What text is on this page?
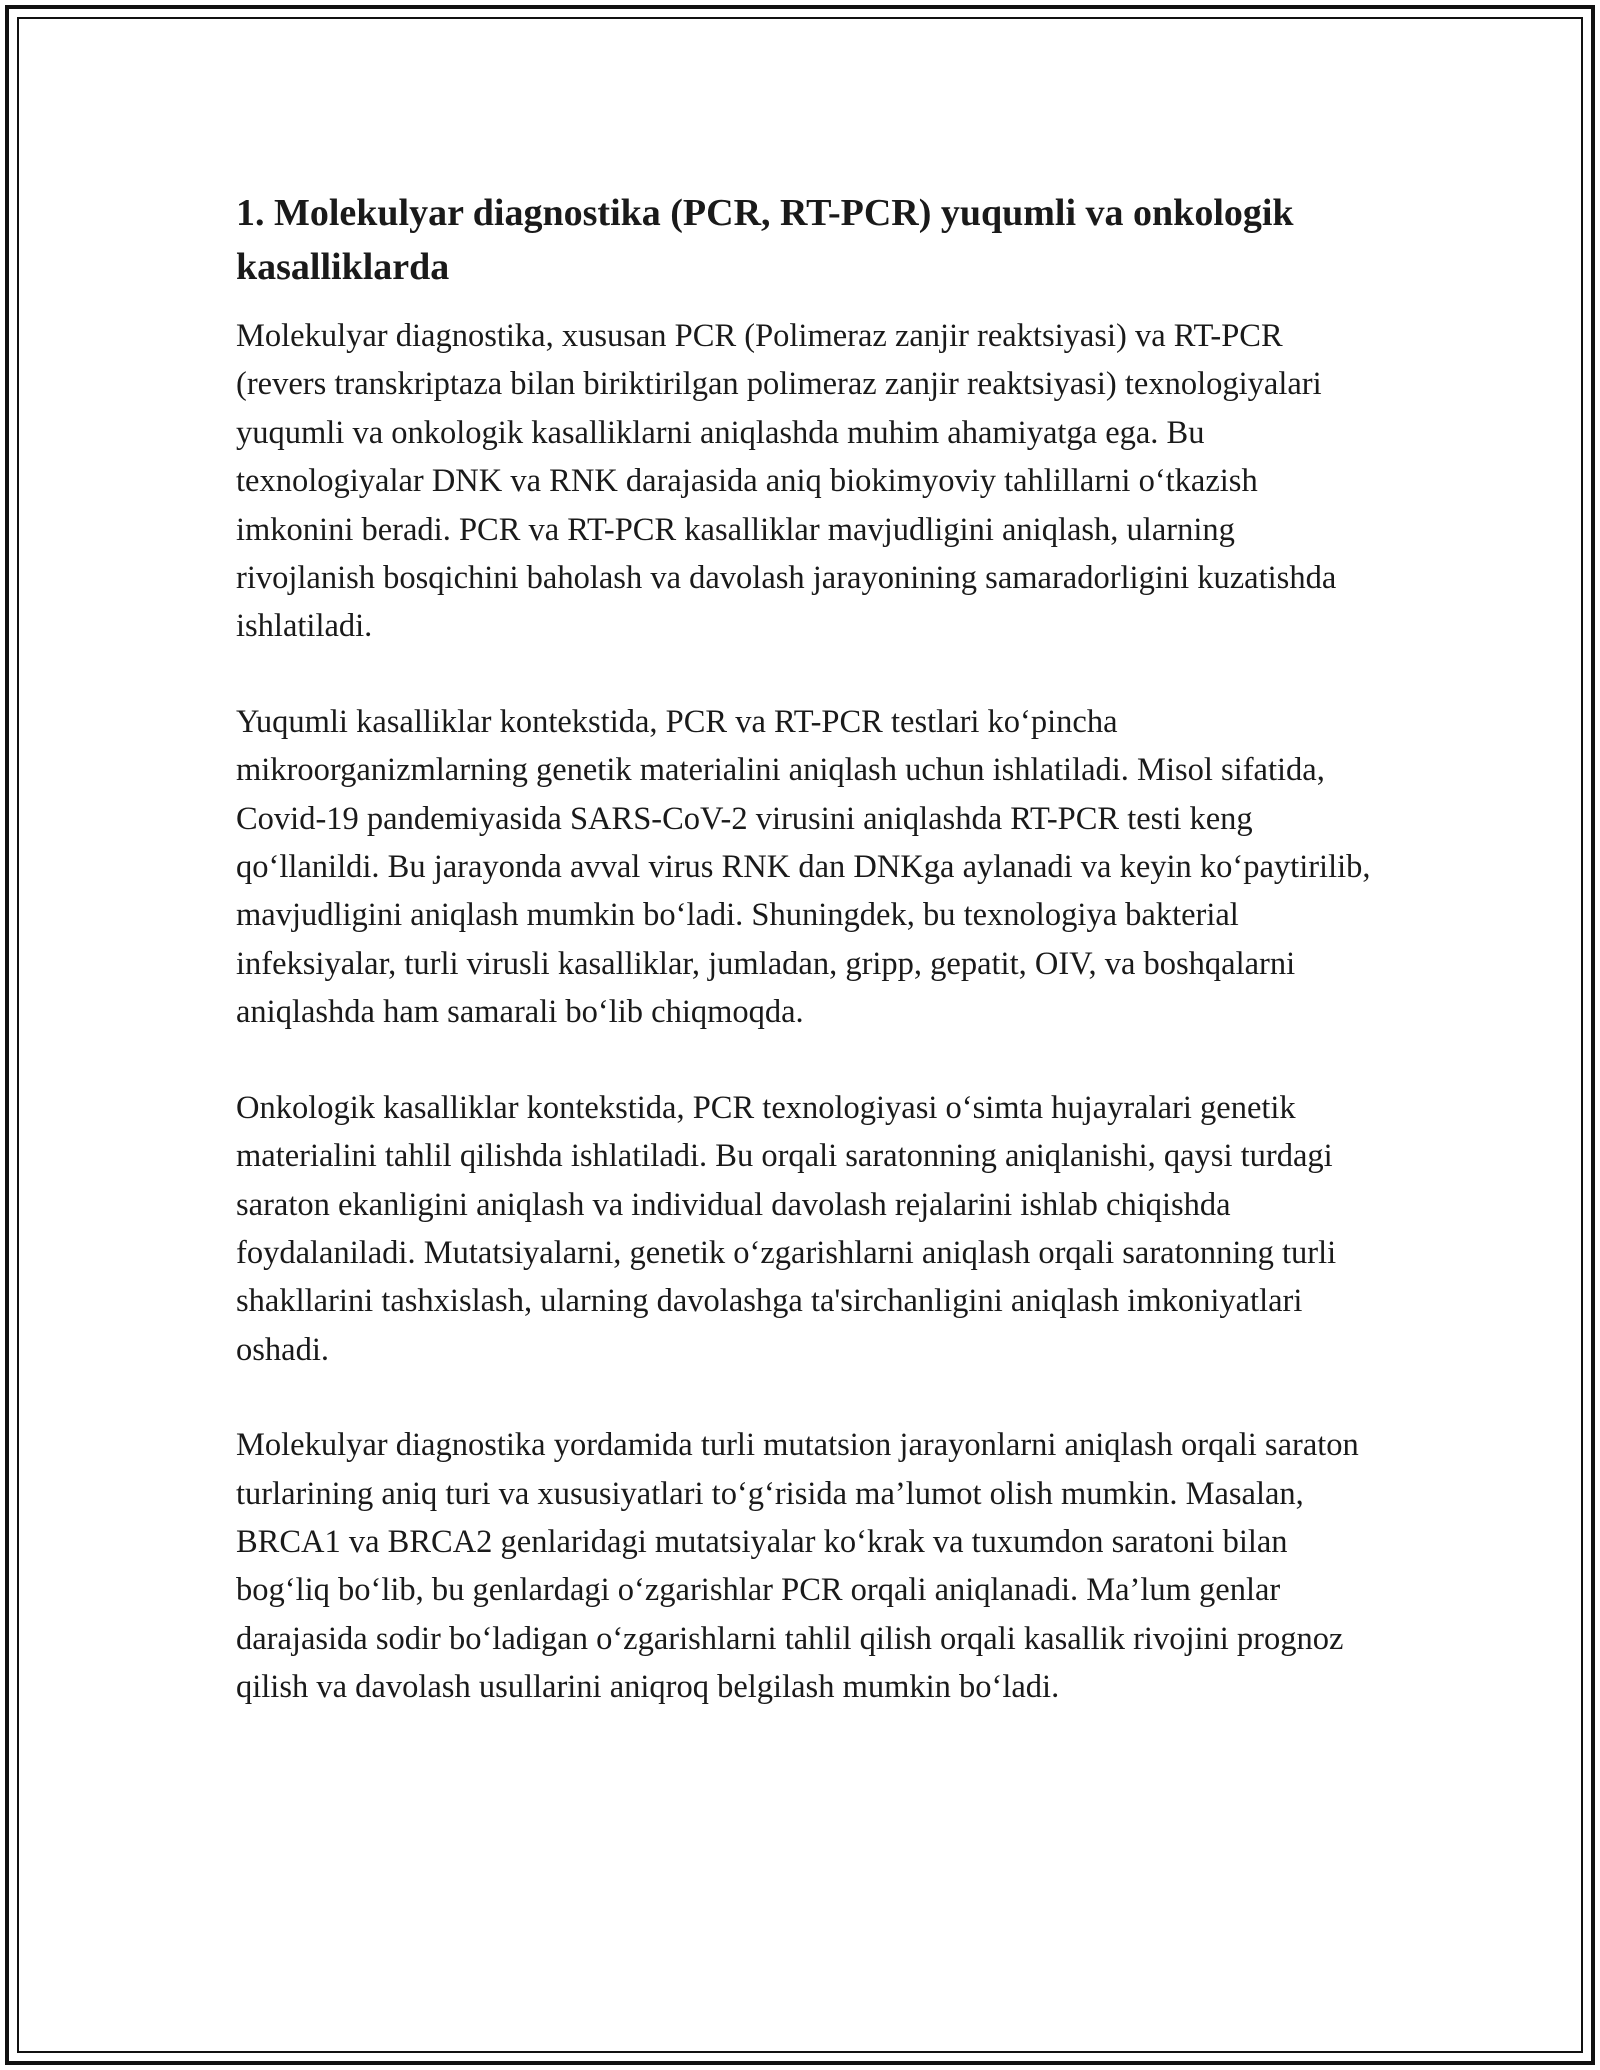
1. Molekulyar diagnostika (PCR, RT-PCR) yuqumli va onkologik kasalliklarda

Molekulyar diagnostika, xususan PCR (Polimeraz zanjir reaktsiyasi) va RT-PCR (revers transkriptaza bilan biriktirilgan polimeraz zanjir reaktsiyasi) texnologiyalari yuqumli va onkologik kasalliklarni aniqlashda muhim ahamiyatga ega. Bu texnologiyalar DNK va RNK darajasida aniq biokimyoviy tahlillarni o‘tkazish imkonini beradi. PCR va RT-PCR kasalliklar mavjudligini aniqlash, ularning rivojlanish bosqichini baholash va davolash jarayonining samaradorligini kuzatishda ishlatiladi.

Yuqumli kasalliklar kontekstida, PCR va RT-PCR testlari ko‘pincha mikroorganizmlarning genetik materialini aniqlash uchun ishlatiladi. Misol sifatida, Covid-19 pandemiyasida SARS-CoV-2 virusini aniqlashda RT-PCR testi keng qo‘llanildi. Bu jarayonda avval virus RNK dan DNKga aylanadi va keyin ko‘paytirilib, mavjudligini aniqlash mumkin bo‘ladi. Shuningdek, bu texnologiya bakterial infeksiyalar, turli virusli kasalliklar, jumladan, gripp, gepatit, OIV, va boshqalarni aniqlashda ham samarali bo‘lib chiqmoqda.

Onkologik kasalliklar kontekstida, PCR texnologiyasi o‘simta hujayralari genetik materialini tahlil qilishda ishlatiladi. Bu orqali saratonning aniqlanishi, qaysi turdagi saraton ekanligini aniqlash va individual davolash rejalarini ishlab chiqishda foydalaniladi. Mutatsiyalarni, genetik o‘zgarishlarni aniqlash orqali saratonning turli shakllarini tashxislash, ularning davolashga ta'sirchanligini aniqlash imkoniyatlari oshadi.

Molekulyar diagnostika yordamida turli mutatsion jarayonlarni aniqlash orqali saraton turlarining aniq turi va xususiyatlari to‘g‘risida ma’lumot olish mumkin. Masalan, BRCA1 va BRCA2 genlaridagi mutatsiyalar ko‘krak va tuxumdon saratoni bilan bog‘liq bo‘lib, bu genlardagi o‘zgarishlar PCR orqali aniqlanadi. Ma’lum genlar darajasida sodir bo‘ladigan o‘zgarishlarni tahlil qilish orqali kasallik rivojini prognoz qilish va davolash usullarini aniqroq belgilash mumkin bo‘ladi.
